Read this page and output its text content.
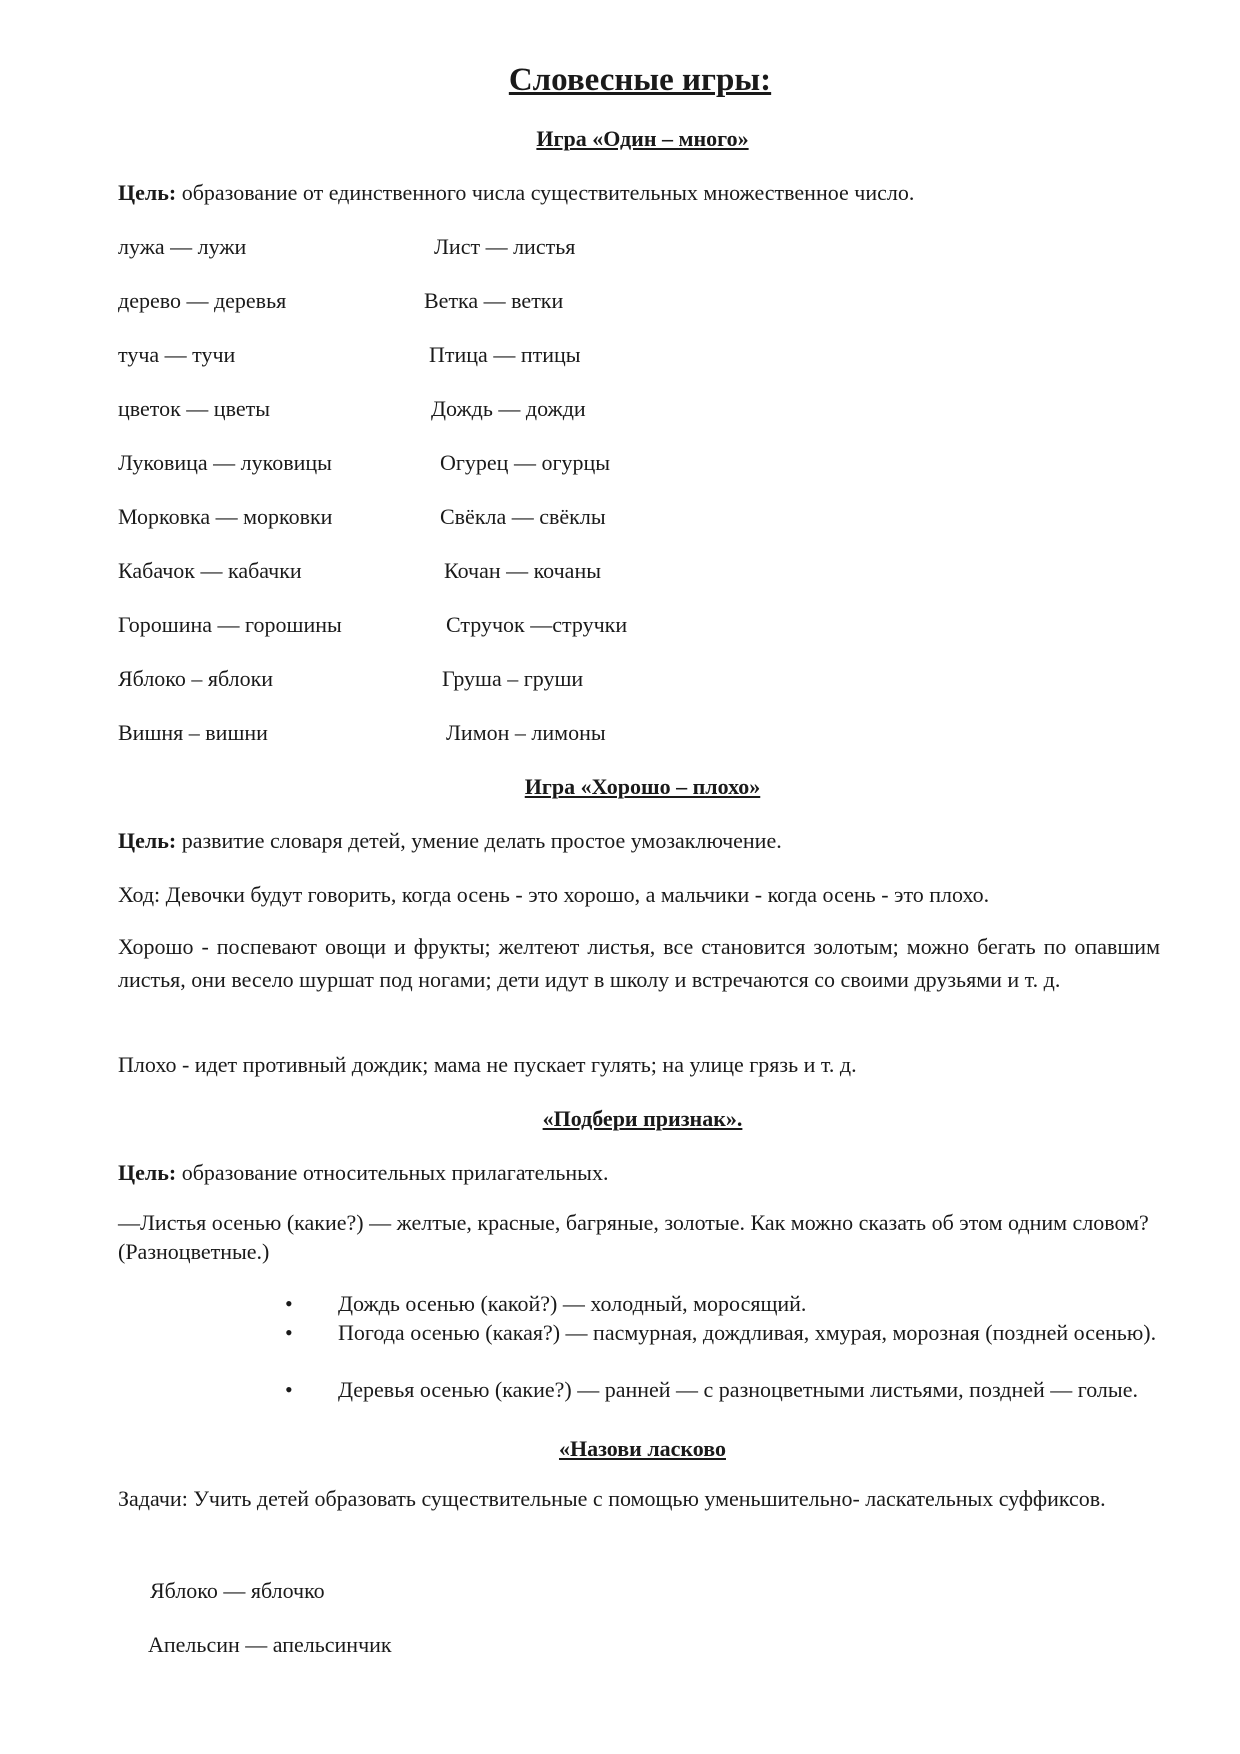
Словесные игры:
Игра «Один – много»
Цель: образование от единственного числа существительных множественное число.
лужа — лужи	Лист — листья
дерево — деревья	Ветка — ветки
туча — тучи	Птица — птицы
цветок — цветы	Дождь — дожди
Луковица — луковицы	Огурец — огурцы
Морковка — морковки	Свёкла — свёклы
Кабачок — кабачки	Кочан — кочаны
Горошина — горошины	Стручок —стручки
Яблоко – яблоки	Груша – груши
Вишня – вишни	Лимон – лимоны
Игра «Хорошо – плохо»
Цель: развитие словаря детей, умение делать простое умозаключение.
Ход: Девочки будут говорить, когда осень - это хорошо, а мальчики - когда осень - это плохо.
Хорошо - поспевают овощи и фрукты; желтеют листья, все становится золотым; можно бегать по опавшим листья, они весело шуршат под ногами; дети идут в школу и встречаются со своими друзьями и т. д.
Плохо - идет противный дождик; мама не пускает гулять; на улице грязь и т. д.
«Подбери признак».
Цель: образование относительных прилагательных.
—Листья осенью (какие?) — желтые, красные, багряные, золотые. Как можно сказать об этом одним словом? (Разноцветные.)
•	Дождь осенью (какой?) — холодный, моросящий.
•	Погода осенью (какая?) — пасмурная, дождливая, хмурая, морозная (поздней осенью).
•	Деревья осенью (какие?) — ранней — с разноцветными листьями, поздней — голые.
«Назови ласково
Задачи: Учить детей образовать существительные с помощью уменьшительно- ласкательных суффиксов.
Яблоко — яблочко
Апельсин — апельсинчик
